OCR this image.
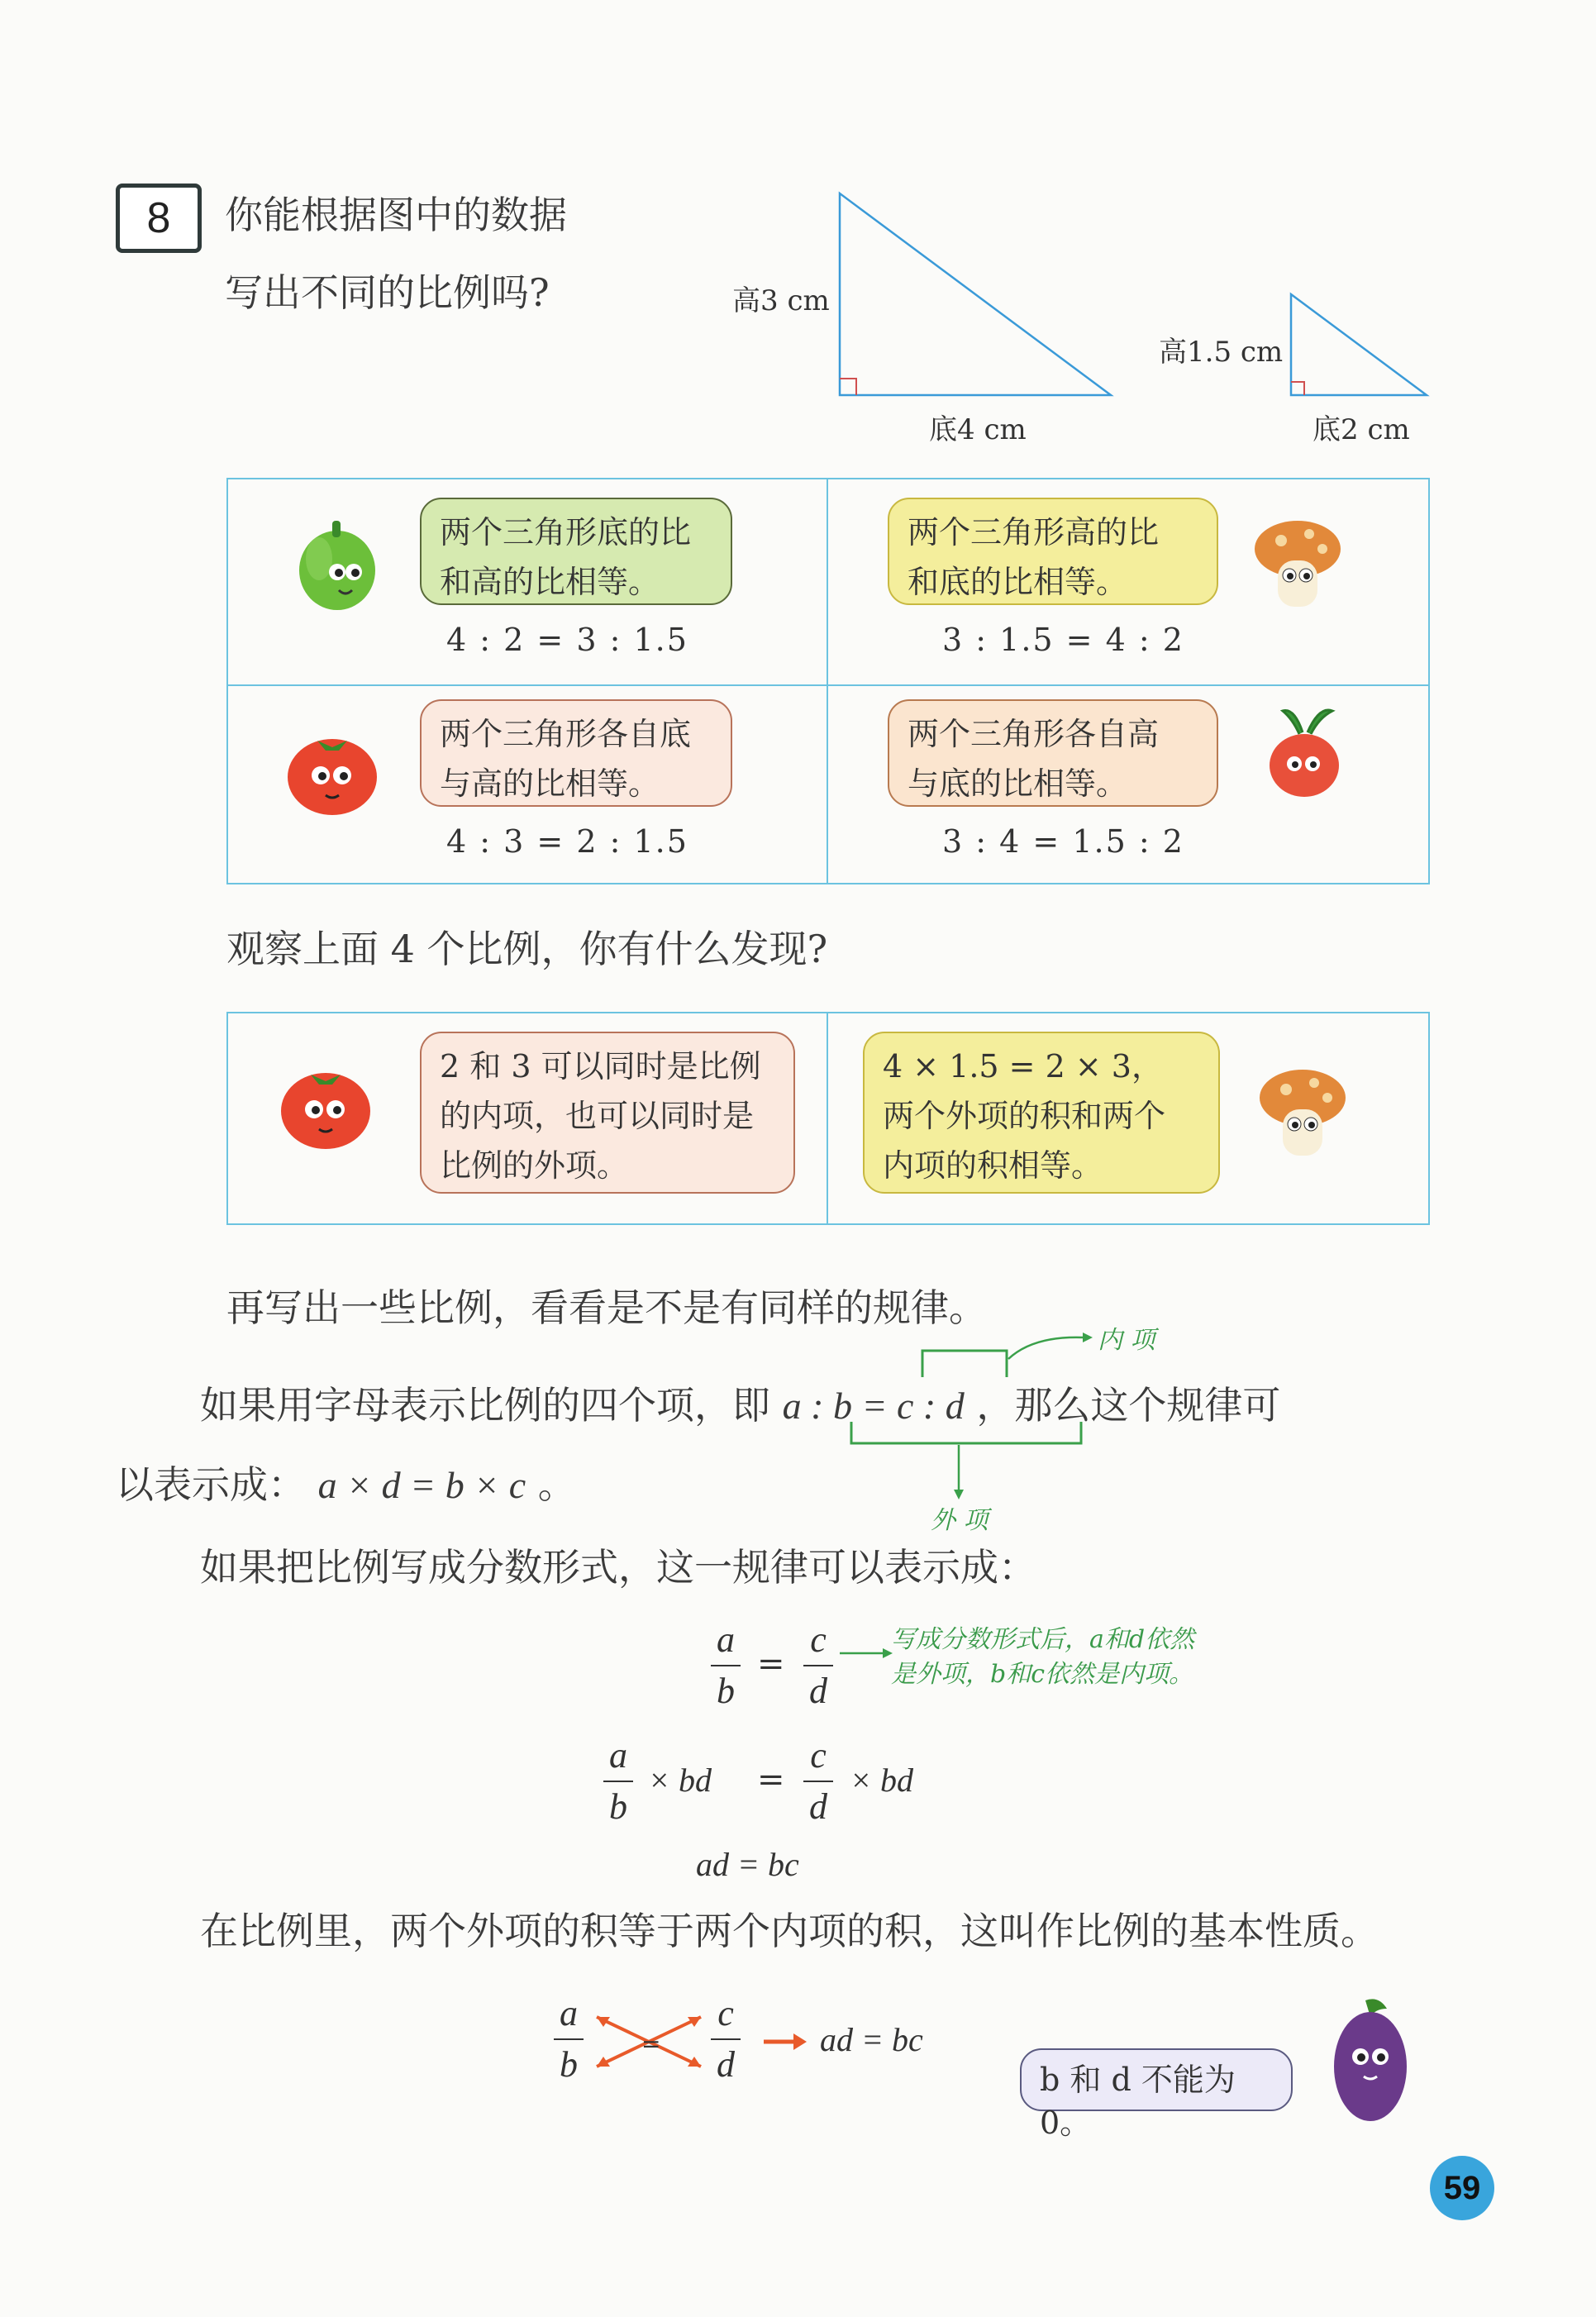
8	你能根据图中的数据
写出不同的比例吗?	高3 cm
底4 cm
高1.5 cm
底2 cm
两个三角形底的比
和高的比相等。
4 : 2 = 3 : 1.5
两个三角形高的比
和底的比相等。
3 : 1.5 = 4 : 2
两个三角形各自底
与高的比相等。
4 : 3 = 2 : 1.5
两个三角形各自高
与底的比相等。
3 : 4 = 1.5 : 2
观察上面 4 个比例，你有什么发现?
2 和 3 可以同时是比例
的内项，也可以同时是
比例的外项。
4 × 1.5 = 2 × 3，
两个外项的积和两个
内项的积相等。
再写出一些比例，看看是不是有同样的规律。
内 项
外 项
如果用字母表示比例的四个项，即 a : b = c : d ，那么这个规律可
以表示成： a × d = b × c 。
如果把比例写成分数形式，这一规律可以表示成：
a
b
=
c
d
写成分数形式后，a和d依然
是外项，b和c依然是内项。
a
b
× bd =
c
d
× bd
ad = bc
在比例里，两个外项的积等于两个内项的积，这叫作比例的基本性质。
a
b
=
c
d
ad = bc
b 和 d 不能为 0。
59
